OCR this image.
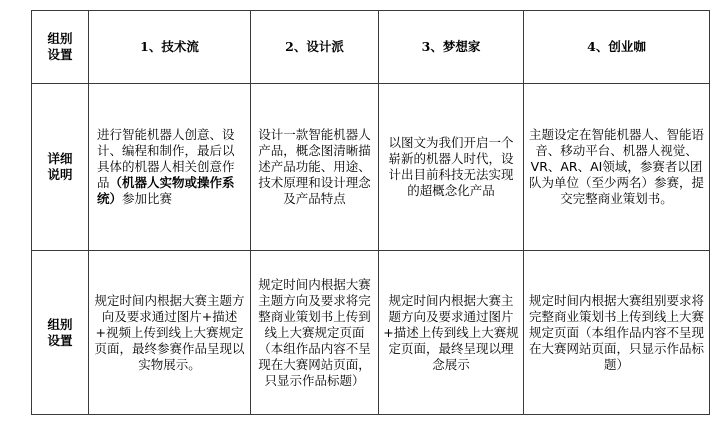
组别
设置	1、技术流	2、设计派	3、梦想家	4、创业咖

详细
说明	进行智能机器人创意、设计、编程和制作，最后以具体的机器人相关创意作品（机器人实物或操作系统）参加比赛	设计一款智能机器人产品，概念图清晰描述产品功能、用途、技术原理和设计理念及产品特点	以图文为我们开启一个崭新的机器人时代，设计出目前科技无法实现的超概念化产品	主题设定在智能机器人、智能语音、移动平台、机器人视觉、VR、AR、AI领域，参赛者以团队为单位（至少两名）参赛，提交完整商业策划书。

组别
设置	规定时间内根据大赛主题方向及要求通过图片+描述+视频上传到线上大赛规定页面，最终参赛作品呈现以实物展示。	规定时间内根据大赛主题方向及要求将完整商业策划书上传到线上大赛规定页面（本组作品内容不呈现在大赛网站页面，只显示作品标题）	规定时间内根据大赛主题方向及要求通过图片+描述上传到线上大赛规定页面，最终呈现以理念展示	规定时间内根据大赛组别要求将完整商业策划书上传到线上大赛规定页面（本组作品内容不呈现在大赛网站页面，只显示作品标题）
